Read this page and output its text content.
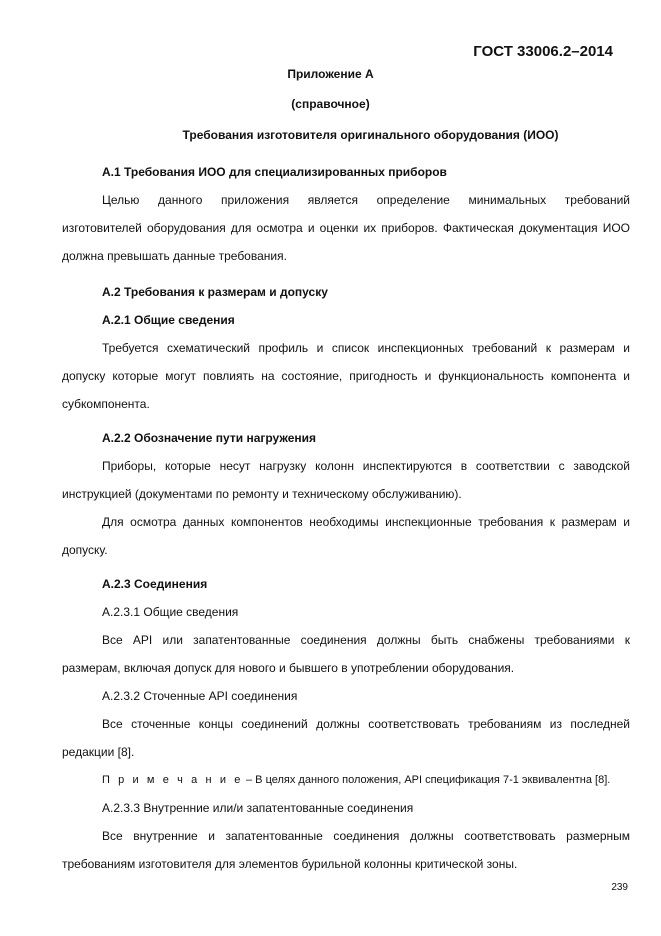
ГОСТ 33006.2–2014
Приложение А
(справочное)
Требования изготовителя оригинального оборудования (ИОО)
А.1 Требования ИОО для специализированных приборов
Целью данного приложения является определение минимальных требований
изготовителей оборудования для осмотра и оценки их приборов. Фактическая документация ИОО
должна превышать данные требования.
А.2 Требования к размерам и допуску
А.2.1 Общие сведения
Требуется схематический профиль и список инспекционных требований к размерам и
допуску которые могут повлиять на состояние, пригодность и функциональность компонента и
субкомпонента.
А.2.2 Обозначение пути нагружения
Приборы, которые несут нагрузку колонн инспектируются в соответствии с заводской
инструкцией (документами по ремонту и техническому обслуживанию).
Для осмотра данных компонентов необходимы инспекционные требования к размерам и
допуску.
А.2.3 Соединения
А.2.3.1 Общие сведения
Все API или запатентованные соединения должны быть снабжены требованиями к
размерам, включая допуск для нового и бывшего в употреблении оборудования.
А.2.3.2 Сточенные API соединения
Все сточенные концы соединений должны соответствовать требованиям из последней
редакции [8].
П р и м е ч а н и е – В целях данного положения, API спецификация 7-1 эквивалентна [8].
А.2.3.3 Внутренние или/и запатентованные соединения
Все внутренние и запатентованные соединения должны соответствовать размерным
требованиям изготовителя для элементов бурильной колонны критической зоны.
239
